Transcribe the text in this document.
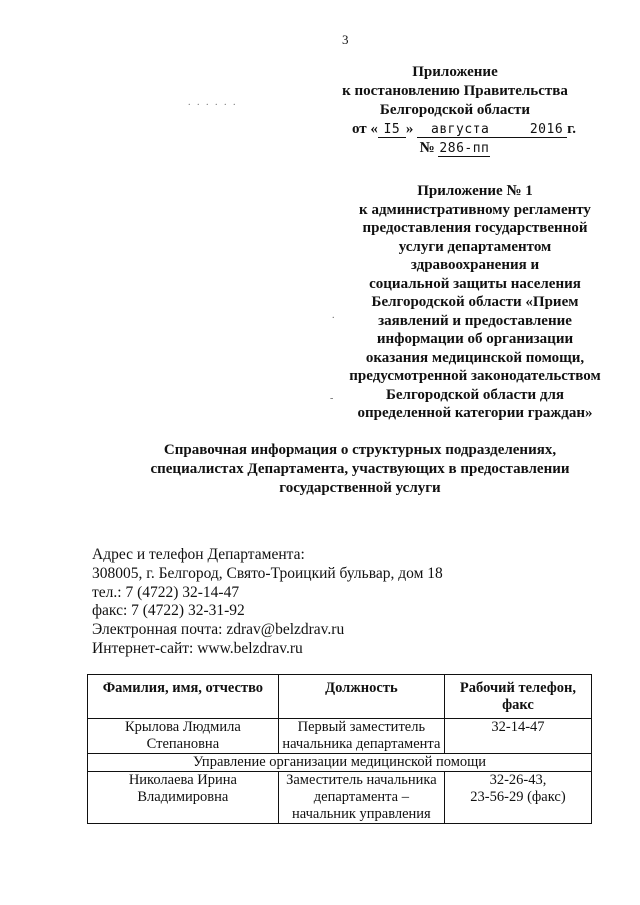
3
. . . . . .
Приложение
к постановлению Правительства
Белгородской области
от « I5 » августа	2016 г.
№ 286-пп
Приложение № 1
к административному регламенту
предоставления государственной
услуги департаментом
здравоохранения и
социальной защиты населения
Белгородской области «Прием
заявлений и предоставление
информации об организации
оказания медицинской помощи,
предусмотренной законодательством
Белгородской области для
определенной категории граждан»
.
-
Справочная информация о структурных подразделениях,
специалистах Департамента, участвующих в предоставлении
государственной услуги
Адрес и телефон Департамента:
308005, г. Белгород, Свято-Троицкий бульвар, дом 18
тел.: 7 (4722) 32-14-47
факс: 7 (4722) 32-31-92
Электронная почта: zdrav@belzdrav.ru
Интернет-сайт: www.belzdrav.ru
Фамилия, имя, отчество	Должность	Рабочий телефон, факс
Крылова Людмила Степановна	Первый заместитель начальника департамента	32-14-47
Управление организации медицинской помощи		
Николаева Ирина Владимировна	Заместитель начальника департамента – начальник управления	32-26-43,
23-56-29 (факс)
